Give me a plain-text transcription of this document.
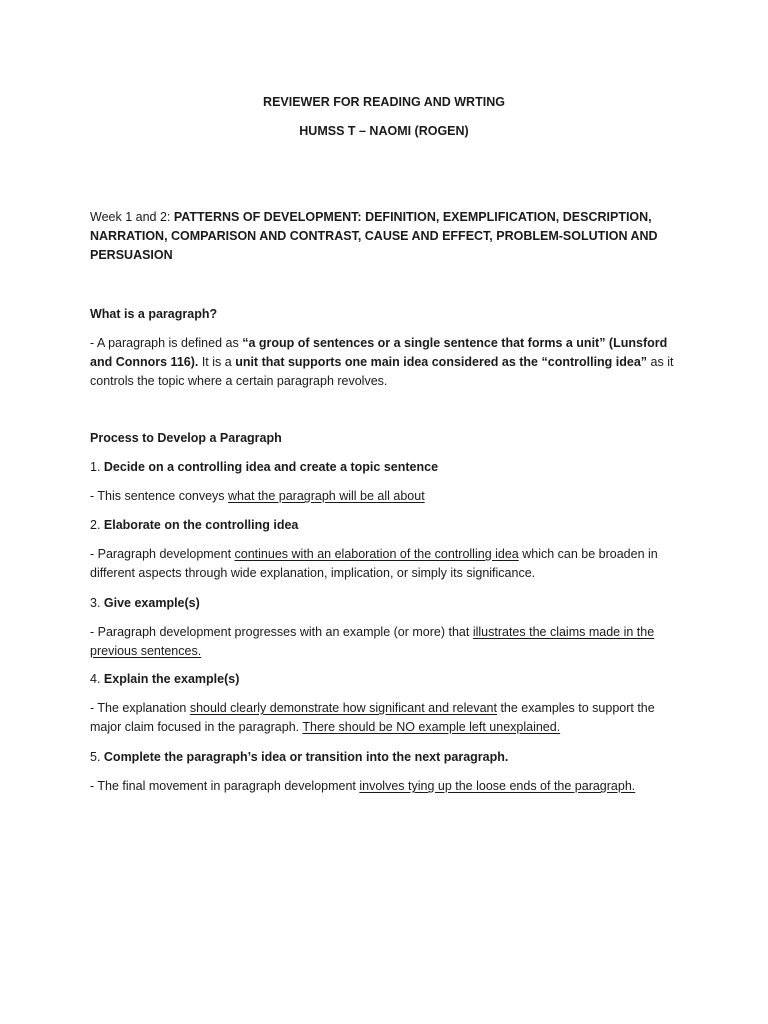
REVIEWER FOR READING AND WRTING
HUMSS T – NAOMI (ROGEN)
Week 1 and 2: PATTERNS OF DEVELOPMENT: DEFINITION, EXEMPLIFICATION, DESCRIPTION, NARRATION, COMPARISON AND CONTRAST, CAUSE AND EFFECT, PROBLEM-SOLUTION AND PERSUASION
What is a paragraph?
- A paragraph is defined as “a group of sentences or a single sentence that forms a unit” (Lunsford and Connors 116). It is a unit that supports one main idea considered as the “controlling idea” as it controls the topic where a certain paragraph revolves.
Process to Develop a Paragraph
1. Decide on a controlling idea and create a topic sentence
- This sentence conveys what the paragraph will be all about
2. Elaborate on the controlling idea
- Paragraph development continues with an elaboration of the controlling idea which can be broaden in different aspects through wide explanation, implication, or simply its significance.
3. Give example(s)
- Paragraph development progresses with an example (or more) that illustrates the claims made in the previous sentences.
4. Explain the example(s)
- The explanation should clearly demonstrate how significant and relevant the examples to support the major claim focused in the paragraph. There should be NO example left unexplained.
5. Complete the paragraph’s idea or transition into the next paragraph.
- The final movement in paragraph development involves tying up the loose ends of the paragraph.
